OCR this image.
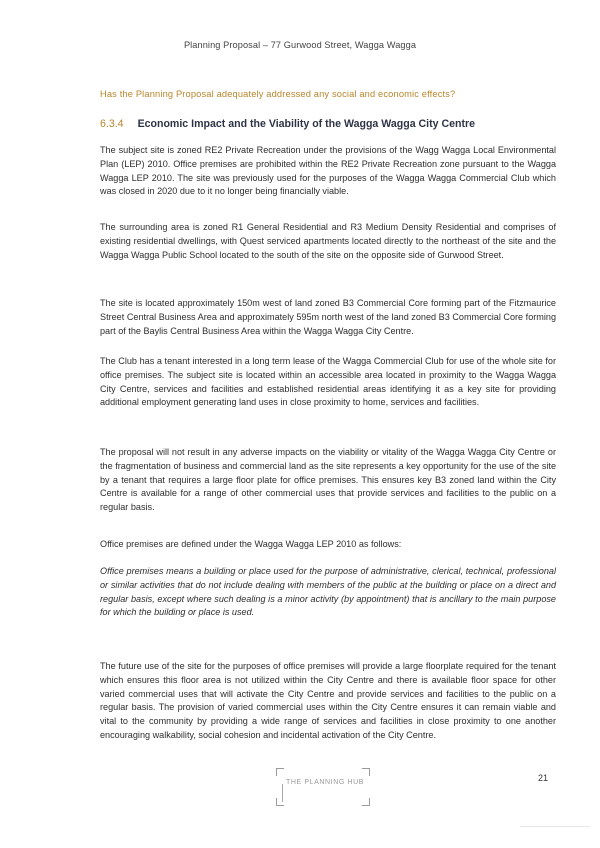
Planning Proposal – 77 Gurwood Street, Wagga Wagga
Has the Planning Proposal adequately addressed any social and economic effects?
6.3.4 Economic Impact and the Viability of the Wagga Wagga City Centre
The subject site is zoned RE2 Private Recreation under the provisions of the Wagg Wagga Local Environmental Plan (LEP) 2010. Office premises are prohibited within the RE2 Private Recreation zone pursuant to the Wagga Wagga LEP 2010. The site was previously used for the purposes of the Wagga Wagga Commercial Club which was closed in 2020 due to it no longer being financially viable.
The surrounding area is zoned R1 General Residential and R3 Medium Density Residential and comprises of existing residential dwellings, with Quest serviced apartments located directly to the northeast of the site and the Wagga Wagga Public School located to the south of the site on the opposite side of Gurwood Street.
The site is located approximately 150m west of land zoned B3 Commercial Core forming part of the Fitzmaurice Street Central Business Area and approximately 595m north west of the land zoned B3 Commercial Core forming part of the Baylis Central Business Area within the Wagga Wagga City Centre.
The Club has a tenant interested in a long term lease of the Wagga Commercial Club for use of the whole site for office premises. The subject site is located within an accessible area located in proximity to the Wagga Wagga City Centre, services and facilities and established residential areas identifying it as a key site for providing additional employment generating land uses in close proximity to home, services and facilities.
The proposal will not result in any adverse impacts on the viability or vitality of the Wagga Wagga City Centre or the fragmentation of business and commercial land as the site represents a key opportunity for the use of the site by a tenant that requires a large floor plate for office premises. This ensures key B3 zoned land within the City Centre is available for a range of other commercial uses that provide services and facilities to the public on a regular basis.
Office premises are defined under the Wagga Wagga LEP 2010 as follows:
Office premises means a building or place used for the purpose of administrative, clerical, technical, professional or similar activities that do not include dealing with members of the public at the building or place on a direct and regular basis, except where such dealing is a minor activity (by appointment) that is ancillary to the main purpose for which the building or place is used.
The future use of the site for the purposes of office premises will provide a large floorplate required for the tenant which ensures this floor area is not utilized within the City Centre and there is available floor space for other varied commercial uses that will activate the City Centre and provide services and facilities to the public on a regular basis. The provision of varied commercial uses within the City Centre ensures it can remain viable and vital to the community by providing a wide range of services and facilities in close proximity to one another encouraging walkability, social cohesion and incidental activation of the City Centre.
THE PLANNING HUB	21
